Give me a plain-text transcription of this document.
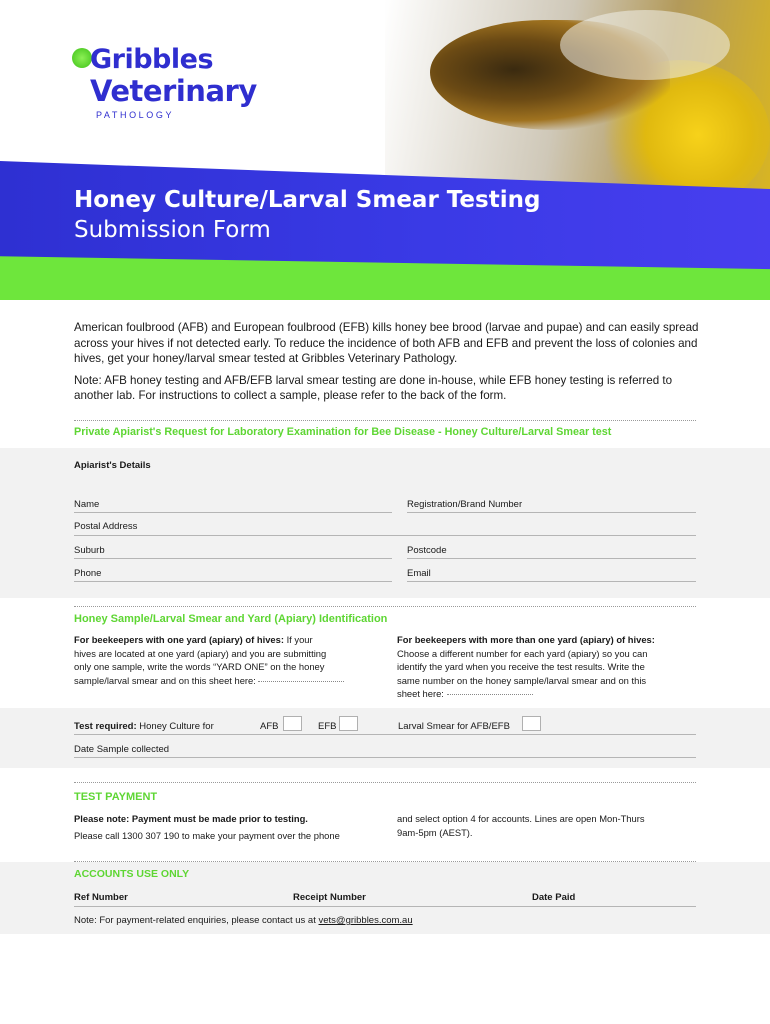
Gribbles
Veterinary
PATHOLOGY
Honey Culture/Larval Smear Testing
Submission Form

American foulbrood (AFB) and European foulbrood (EFB) kills honey bee brood (larvae and pupae) and can easily spread across your hives if not detected early. To reduce the incidence of both AFB and EFB and prevent the loss of colonies and hives, get your honey/larval smear tested at Gribbles Veterinary Pathology.

Note: AFB honey testing and AFB/EFB larval smear testing are done in-house, while EFB honey testing is referred to another lab. For instructions to collect a sample, please refer to the back of the form.

Private Apiarist's Request for Laboratory Examination for Bee Disease - Honey Culture/Larval Smear test
Apiarist's Details
Name	Registration/Brand Number
Postal Address
Suburb	Postcode
Phone	Email
Honey Sample/Larval Smear and Yard (Apiary) Identification
For beekeepers with one yard (apiary) of hives: If your
hives are located at one yard (apiary) and you are submitting
only one sample, write the words “YARD ONE” on the honey
sample/larval smear and on this sheet here:
For beekeepers with more than one yard (apiary) of hives:
Choose a different number for each yard (apiary) so you can
identify the yard when you receive the test results. Write the
same number on the honey sample/larval smear and on this
sheet here:
Test required: Honey Culture for	AFB	EFB	Larval Smear for AFB/EFB
Date Sample collected
TEST PAYMENT
Please note: Payment must be made prior to testing.
Please call 1300 307 190 to make your payment over the phone
and select option 4 for accounts. Lines are open Mon-Thurs
9am-5pm (AEST).
ACCOUNTS USE ONLY
Ref Number	Receipt Number	Date Paid
Note: For payment-related enquiries, please contact us at vets@gribbles.com.au
